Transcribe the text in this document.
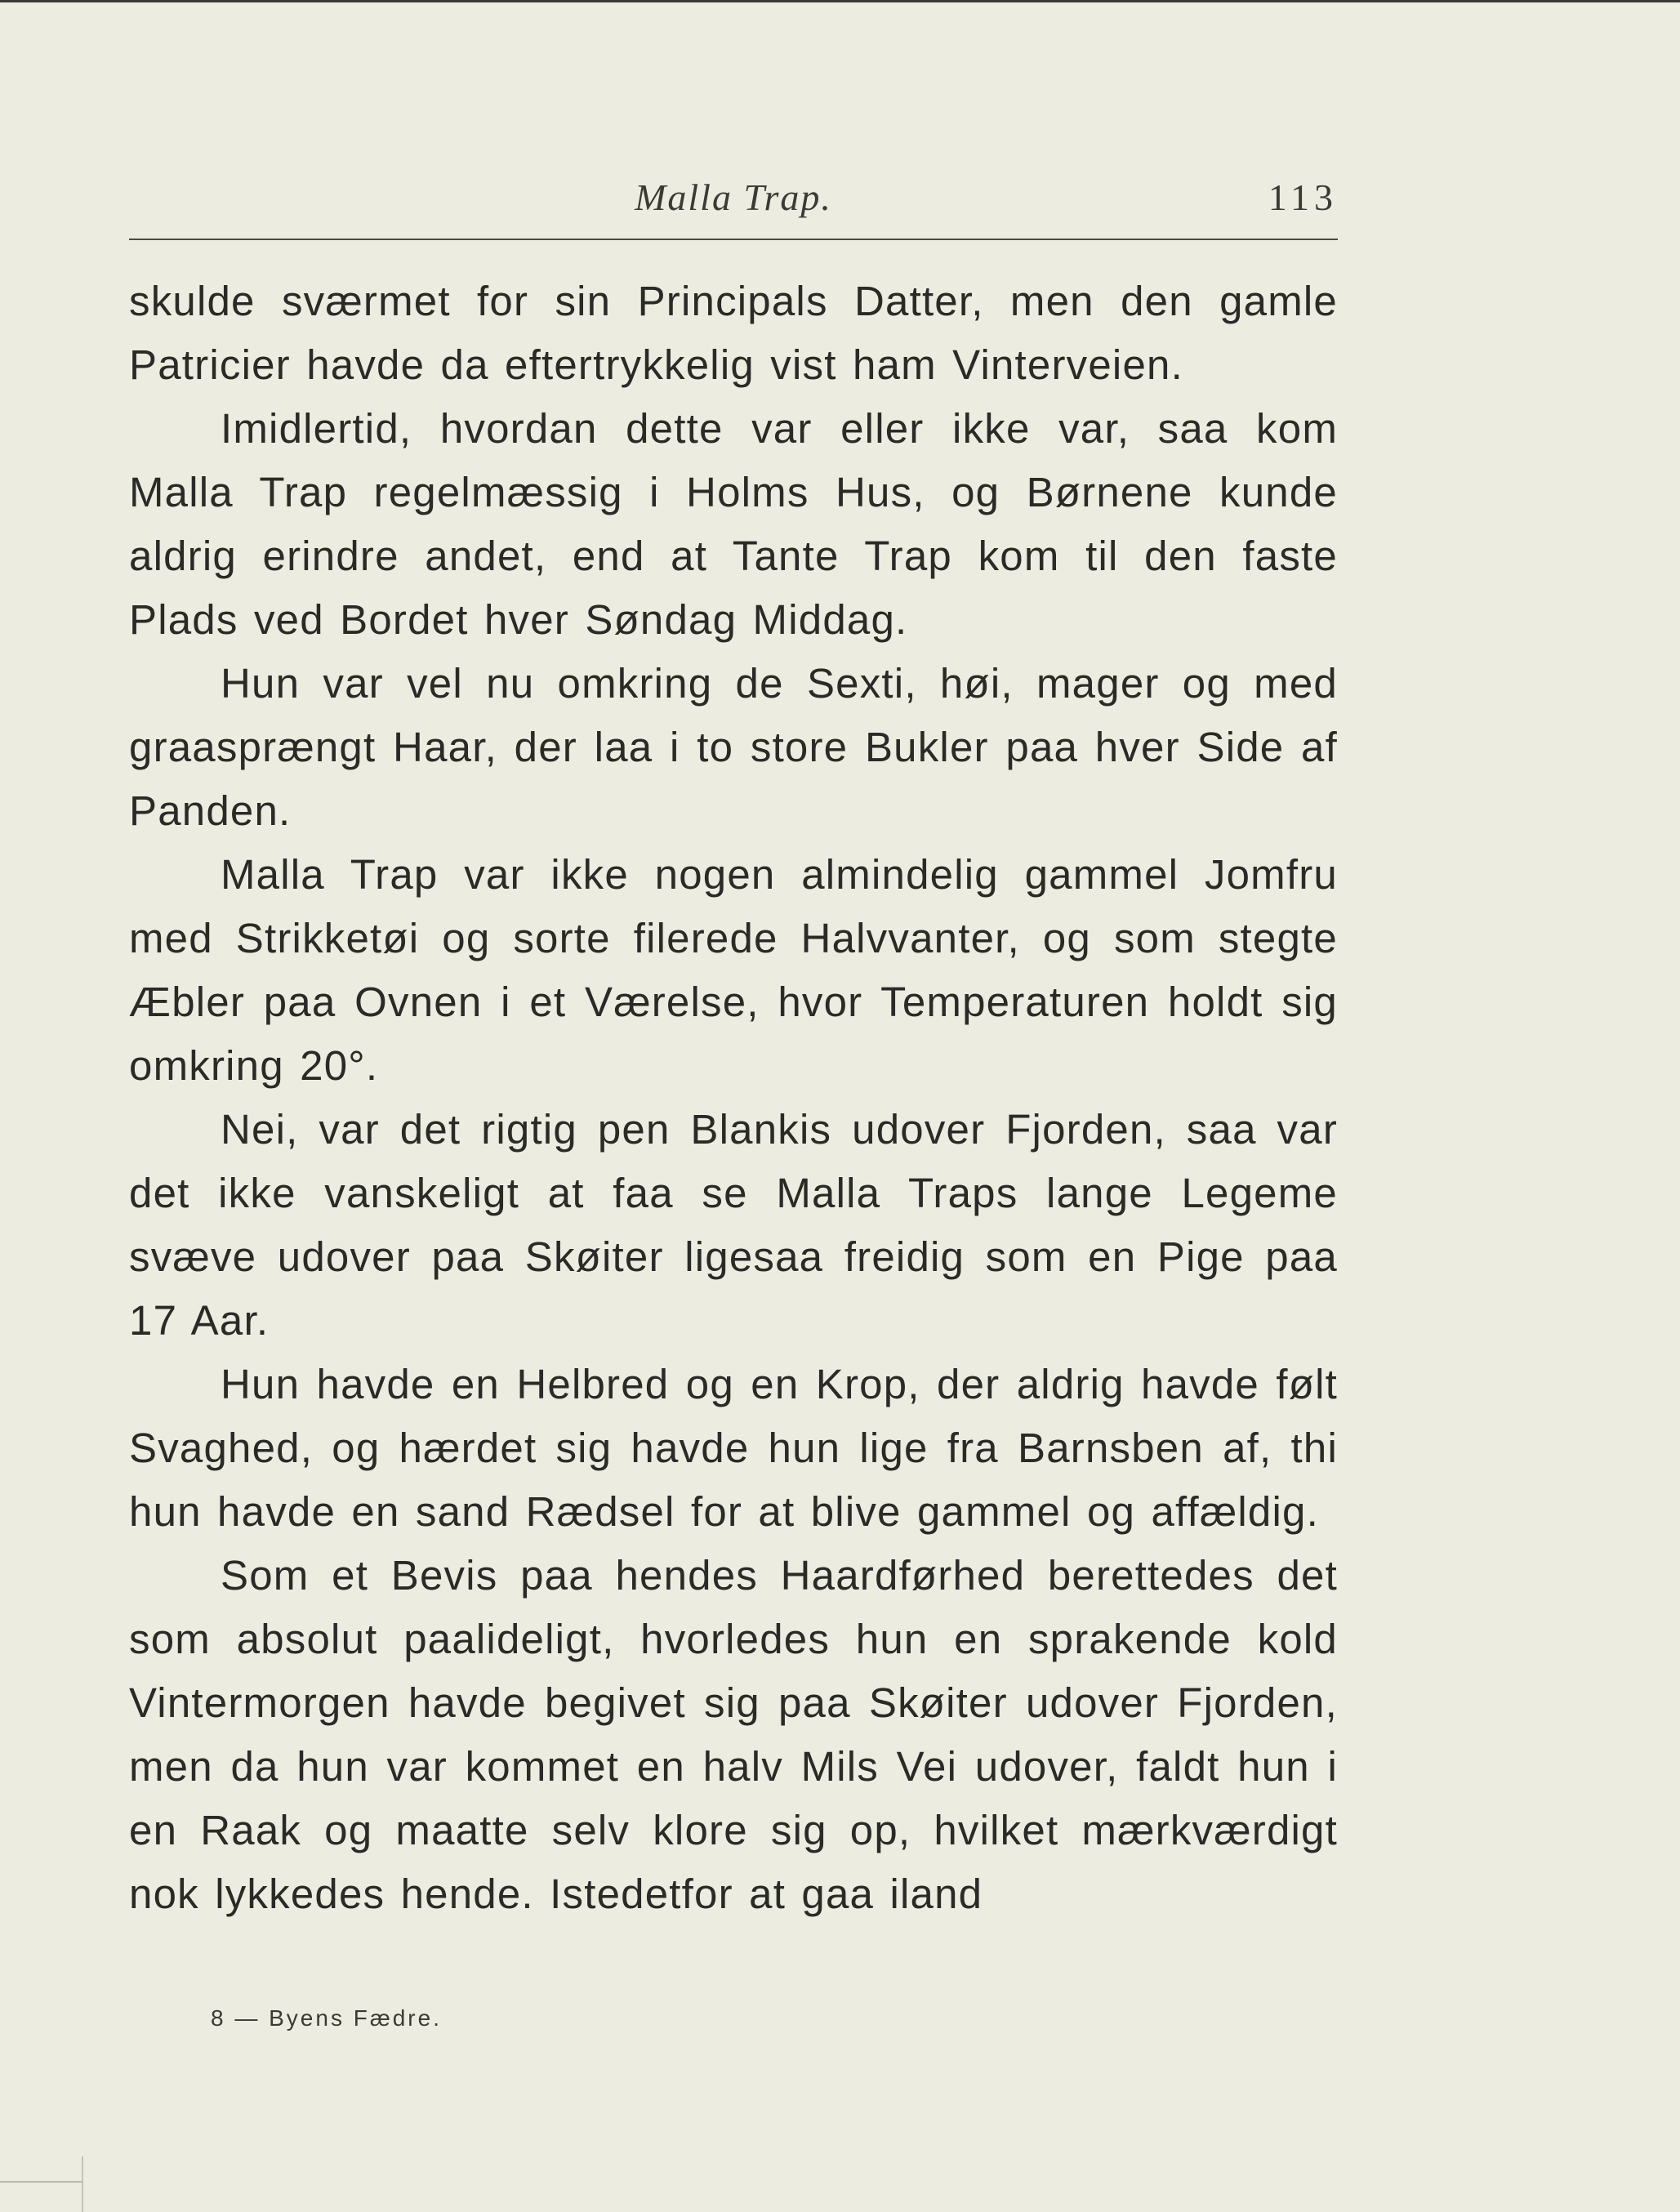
Malla Trap.	113

skulde sværmet for sin Principals Datter, men den gamle Patricier havde da eftertrykkelig vist ham Vinterveien.

Imidlertid, hvordan dette var eller ikke var, saa kom Malla Trap regelmæssig i Holms Hus, og Børnene kunde aldrig erindre andet, end at Tante Trap kom til den faste Plads ved Bordet hver Søndag Middag.

Hun var vel nu omkring de Sexti, høi, mager og med graasprængt Haar, der laa i to store Bukler paa hver Side af Panden.

Malla Trap var ikke nogen almindelig gammel Jomfru med Strikketøi og sorte filerede Halvvanter, og som stegte Æbler paa Ovnen i et Værelse, hvor Temperaturen holdt sig omkring 20°.

Nei, var det rigtig pen Blankis udover Fjorden, saa var det ikke vanskeligt at faa se Malla Traps lange Legeme svæve udover paa Skøiter ligesaa freidig som en Pige paa 17 Aar.

Hun havde en Helbred og en Krop, der aldrig havde følt Svaghed, og hærdet sig havde hun lige fra Barnsben af, thi hun havde en sand Rædsel for at blive gammel og affældig.

Som et Bevis paa hendes Haardførhed berettedes det som absolut paalideligt, hvorledes hun en sprakende kold Vintermorgen havde begivet sig paa Skøiter udover Fjorden, men da hun var kommet en halv Mils Vei udover, faldt hun i en Raak og maatte selv klore sig op, hvilket mærkværdigt nok lykkedes hende. Istedetfor at gaa iland

8 — Byens Fædre.
